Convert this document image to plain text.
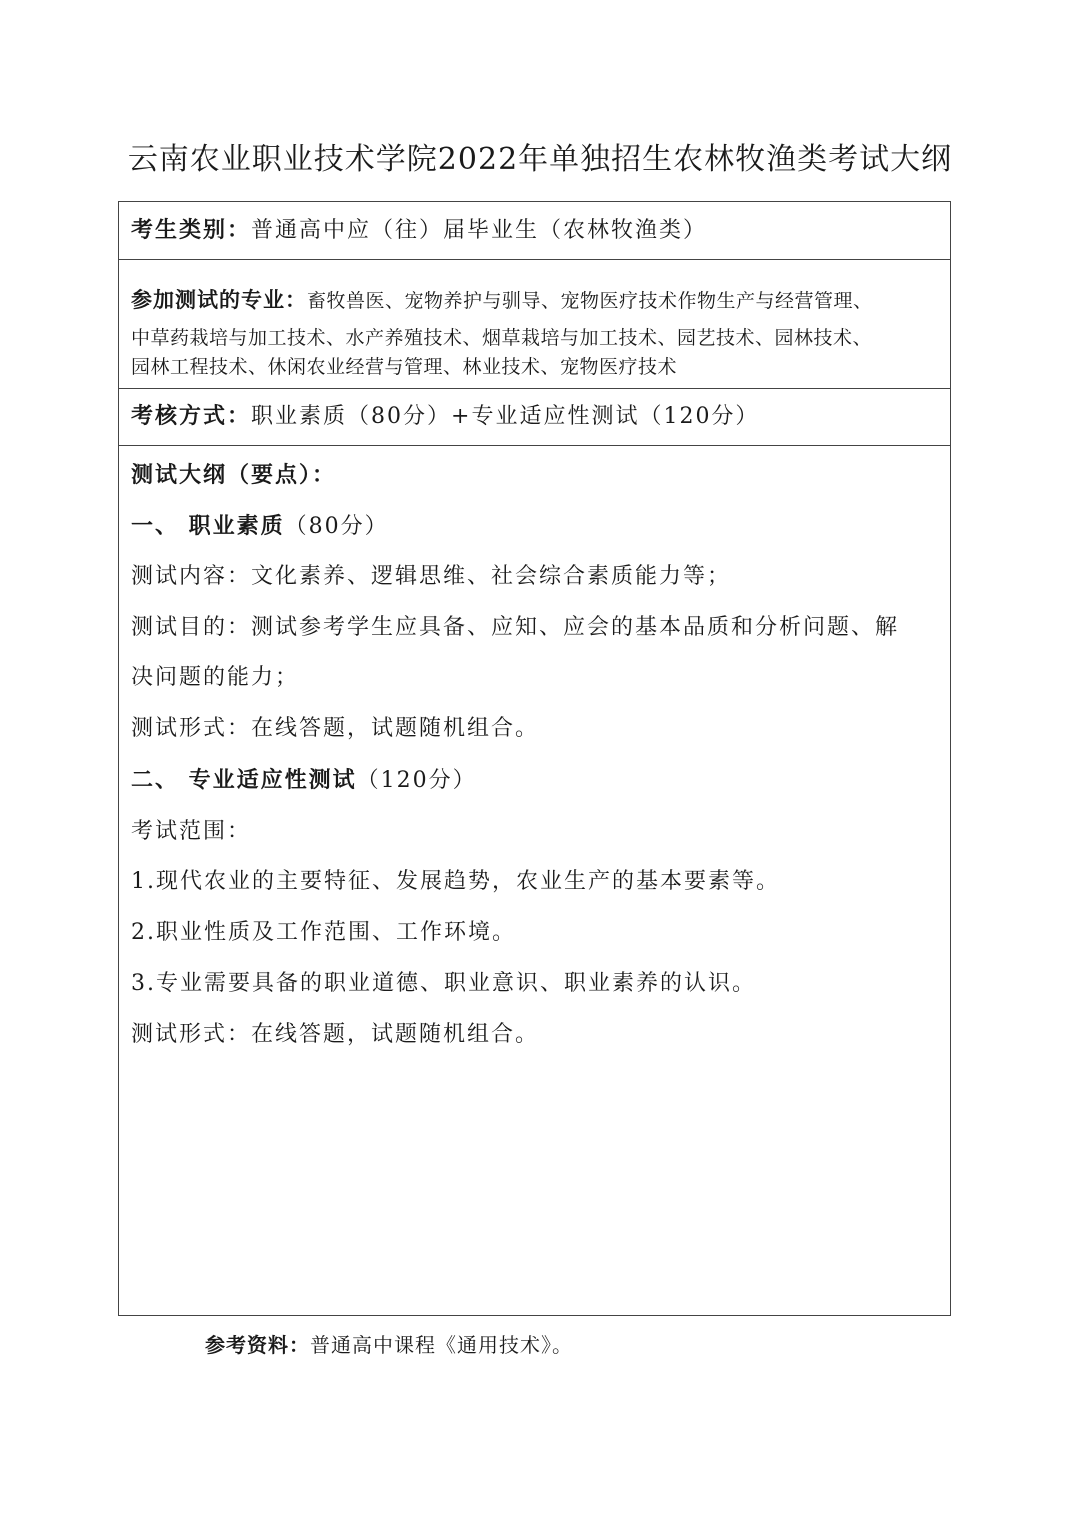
云南农业职业技术学院2022年单独招生农林牧渔类考试大纲
考生类别：普通高中应（往）届毕业生（农林牧渔类）
参加测试的专业：畜牧兽医、宠物养护与驯导、宠物医疗技术作物生产与经营管理、
中草药栽培与加工技术、水产养殖技术、烟草栽培与加工技术、园艺技术、园林技术、
园林工程技术、休闲农业经营与管理、林业技术、宠物医疗技术
考核方式：职业素质（80分）+专业适应性测试（120分）
测试大纲（要点）：
一、 职业素质（80分）
测试内容：文化素养、逻辑思维、社会综合素质能力等；
测试目的：测试参考学生应具备、应知、应会的基本品质和分析问题、解
决问题的能力；
测试形式：在线答题，试题随机组合。
二、 专业适应性测试（120分）
考试范围：
1.现代农业的主要特征、发展趋势，农业生产的基本要素等。
2.职业性质及工作范围、工作环境。
3.专业需要具备的职业道德、职业意识、职业素养的认识。
测试形式：在线答题，试题随机组合。
参考资料：普通高中课程《通用技术》。
